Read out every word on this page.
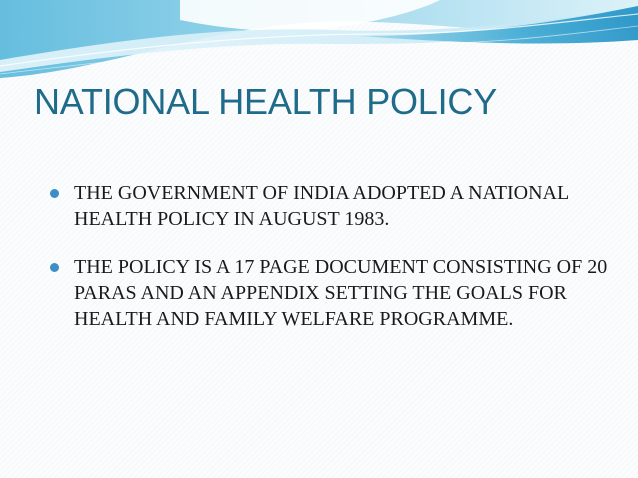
NATIONAL HEALTH POLICY
THE GOVERNMENT OF INDIA ADOPTED A NATIONAL HEALTH POLICY IN AUGUST 1983.
THE POLICY IS A 17 PAGE DOCUMENT CONSISTING OF 20 PARAS AND AN APPENDIX SETTING THE GOALS FOR HEALTH AND FAMILY WELFARE PROGRAMME.
